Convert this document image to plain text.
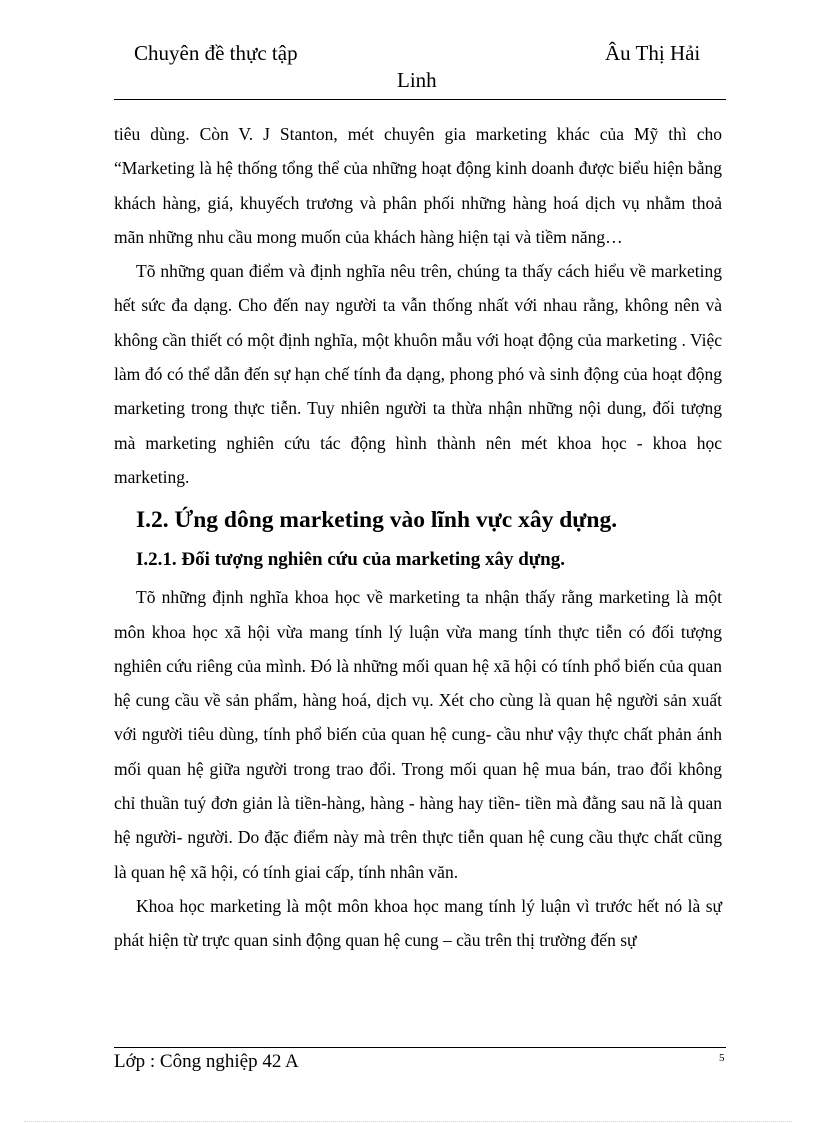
Chuyên đề thực tập	Âu Thị Hải
Linh

tiêu dùng. Còn V. J Stanton, mét chuyên gia marketing khác của Mỹ thì cho “Marketing là hệ thống tổng thể của những hoạt động kinh doanh được biểu hiện bằng khách hàng, giá, khuyếch trương và phân phối những hàng hoá dịch vụ nhằm thoả mãn những nhu cầu mong muốn của khách hàng hiện tại và tiềm năng…

Tõ những quan điểm và định nghĩa nêu trên, chúng ta thấy cách hiểu về marketing hết sức đa dạng. Cho đến nay người ta vẫn thống nhất với nhau rằng, không nên và không cần thiết có một định nghĩa, một khuôn mẫu với hoạt động của marketing . Việc làm đó có thể dẫn đến sự hạn chế tính đa dạng, phong phó và sinh động của hoạt động marketing trong thực tiễn. Tuy nhiên người ta thừa nhận những nội dung, đối tượng mà marketing nghiên cứu tác động hình thành nên mét khoa học - khoa học marketing.

I.2. Ứng dông marketing vào lĩnh vực xây dựng.
I.2.1. Đối tượng nghiên cứu của marketing xây dựng.

Tõ những định nghĩa khoa học về marketing ta nhận thấy rằng marketing là một môn khoa học xã hội vừa mang tính lý luận vừa mang tính thực tiễn có đối tượng nghiên cứu riêng của mình. Đó là những mối quan hệ xã hội có tính phổ biến của quan hệ cung cầu về sản phẩm, hàng hoá, dịch vụ. Xét cho cùng là quan hệ người sản xuất với người tiêu dùng, tính phổ biến của quan hệ cung- cầu như vậy thực chất phản ánh mối quan hệ giữa người trong trao đổi. Trong mối quan hệ mua bán, trao đổi không chỉ thuần tuý đơn giản là tiền-hàng, hàng - hàng hay tiền- tiền mà đằng sau nã là quan hệ người- người. Do đặc điểm này mà trên thực tiễn quan hệ cung cầu thực chất cũng là quan hệ xã hội, có tính giai cấp, tính nhân văn.

Khoa học marketing là một môn khoa học mang tính lý luận vì trước hết nó là sự phát hiện từ trực quan sinh động quan hệ cung – cầu trên thị trường đến sự

Lớp : Công nghiệp 42 A	5
